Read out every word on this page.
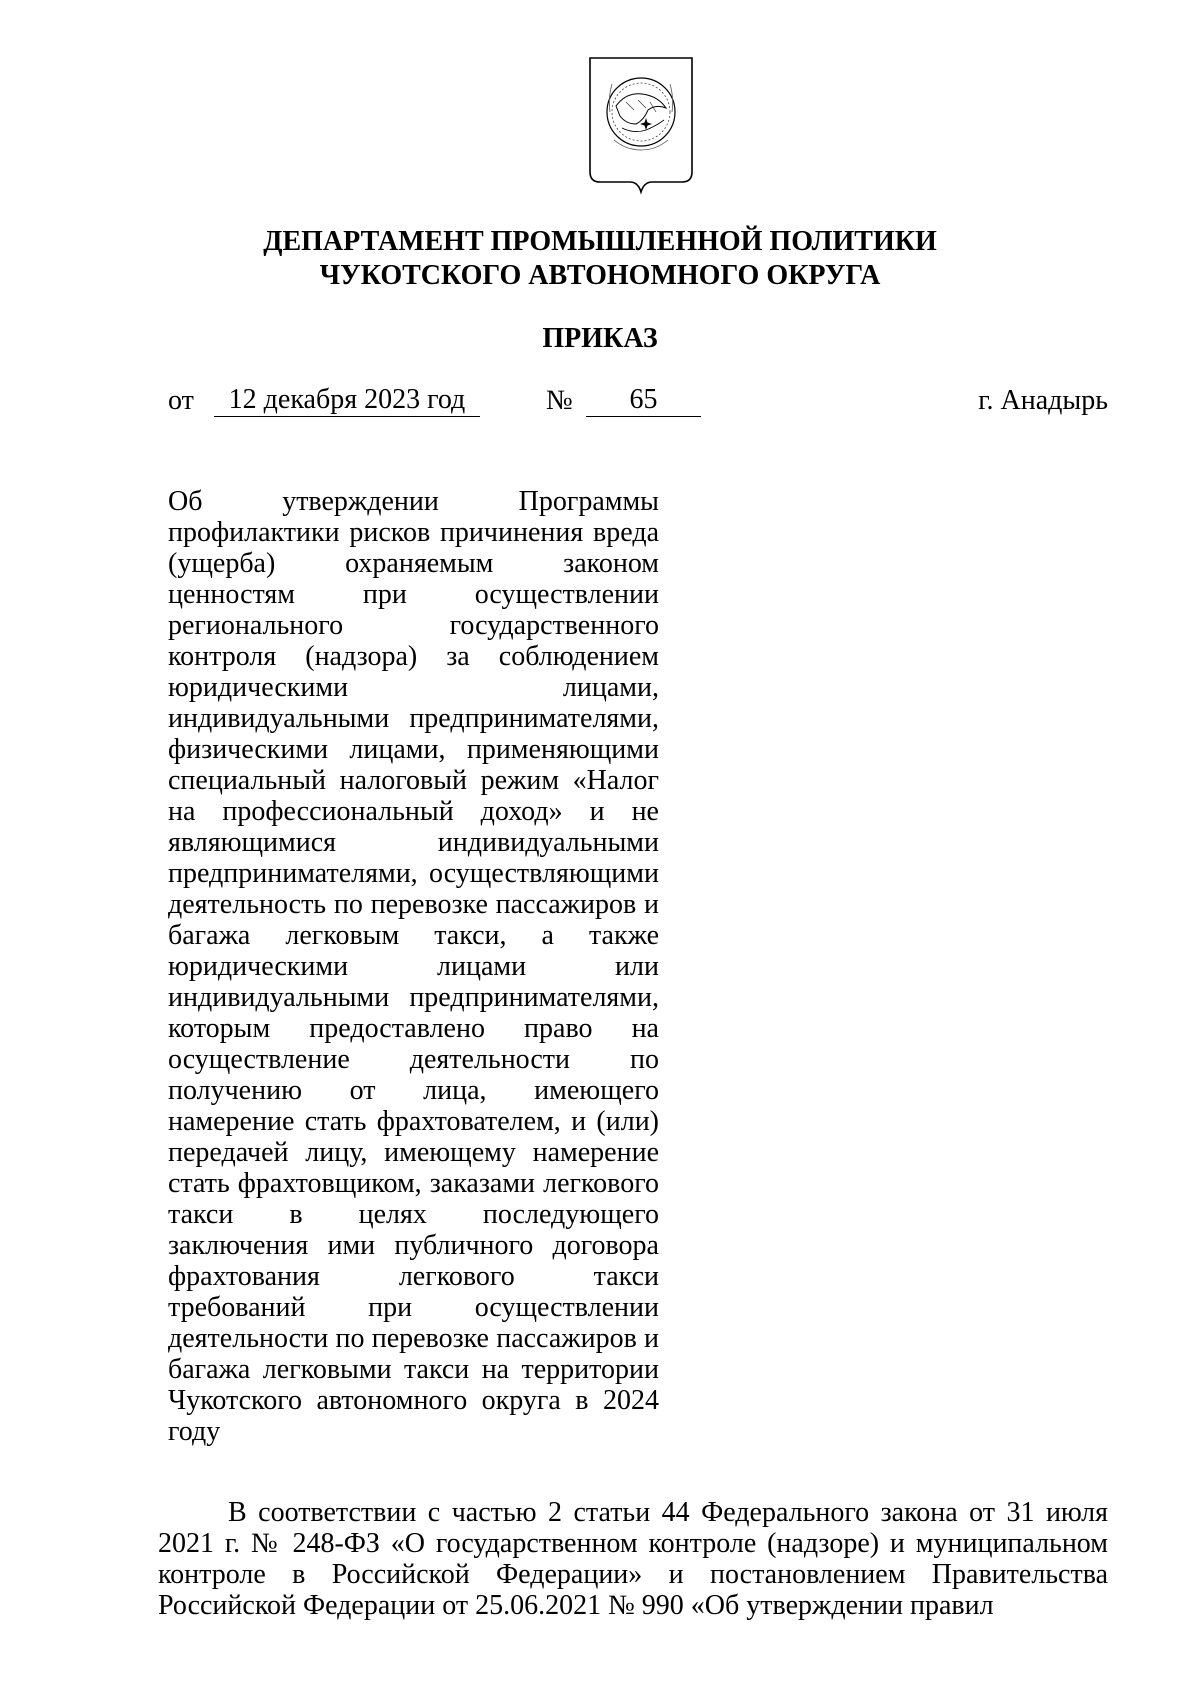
ДЕПАРТАМЕНТ ПРОМЫШЛЕННОЙ ПОЛИТИКИ
ЧУКОТСКОГО АВТОНОМНОГО ОКРУГА
ПРИКАЗ
от	12 декабря 2023 год	№	65	г. Анадырь
Об утверждении Программы профилактики рисков причинения вреда (ущерба) охраняемым законом ценностям при осуществлении регионального государственного контроля (надзора) за соблюдением юридическими лицами, индивидуальными предпринимателями, физическими лицами, применяющими специальный налоговый режим «Налог на профессиональный доход» и не являющимися индивидуальными предпринимателями, осуществляющими деятельность по перевозке пассажиров и багажа легковым такси, а также юридическими лицами или индивидуальными предпринимателями, которым предоставлено право на осуществление деятельности по получению от лица, имеющего намерение стать фрахтователем, и (или) передачей лицу, имеющему намерение стать фрахтовщиком, заказами легкового такси в целях последующего заключения ими публичного договора фрахтования легкового такси требований при осуществлении деятельности по перевозке пассажиров и багажа легковыми такси на территории Чукотского автономного округа в 2024 году
В соответствии с частью 2 статьи 44 Федерального закона от 31 июля 2021 г. № 248-ФЗ «О государственном контроле (надзоре) и муниципальном контроле в Российской Федерации» и постановлением Правительства Российской Федерации от 25.06.2021 № 990 «Об утверждении правил
